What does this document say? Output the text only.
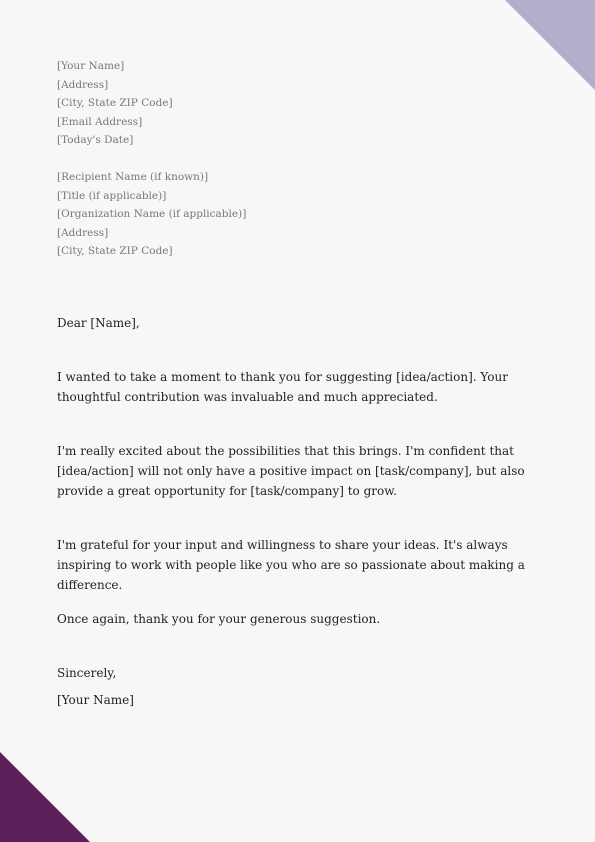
[Your Name]
[Address]
[City, State ZIP Code]
[Email Address]
[Today's Date]
[Recipient Name (if known)]
[Title (if applicable)]
[Organization Name (if applicable)]
[Address]
[City, State ZIP Code]
Dear [Name],
I wanted to take a moment to thank you for suggesting [idea/action]. Your thoughtful contribution was invaluable and much appreciated.
I'm really excited about the possibilities that this brings. I'm confident that [idea/action] will not only have a positive impact on [task/company], but also provide a great opportunity for [task/company] to grow.
I'm grateful for your input and willingness to share your ideas. It's always inspiring to work with people like you who are so passionate about making a difference.
Once again, thank you for your generous suggestion.
Sincerely,
[Your Name]
